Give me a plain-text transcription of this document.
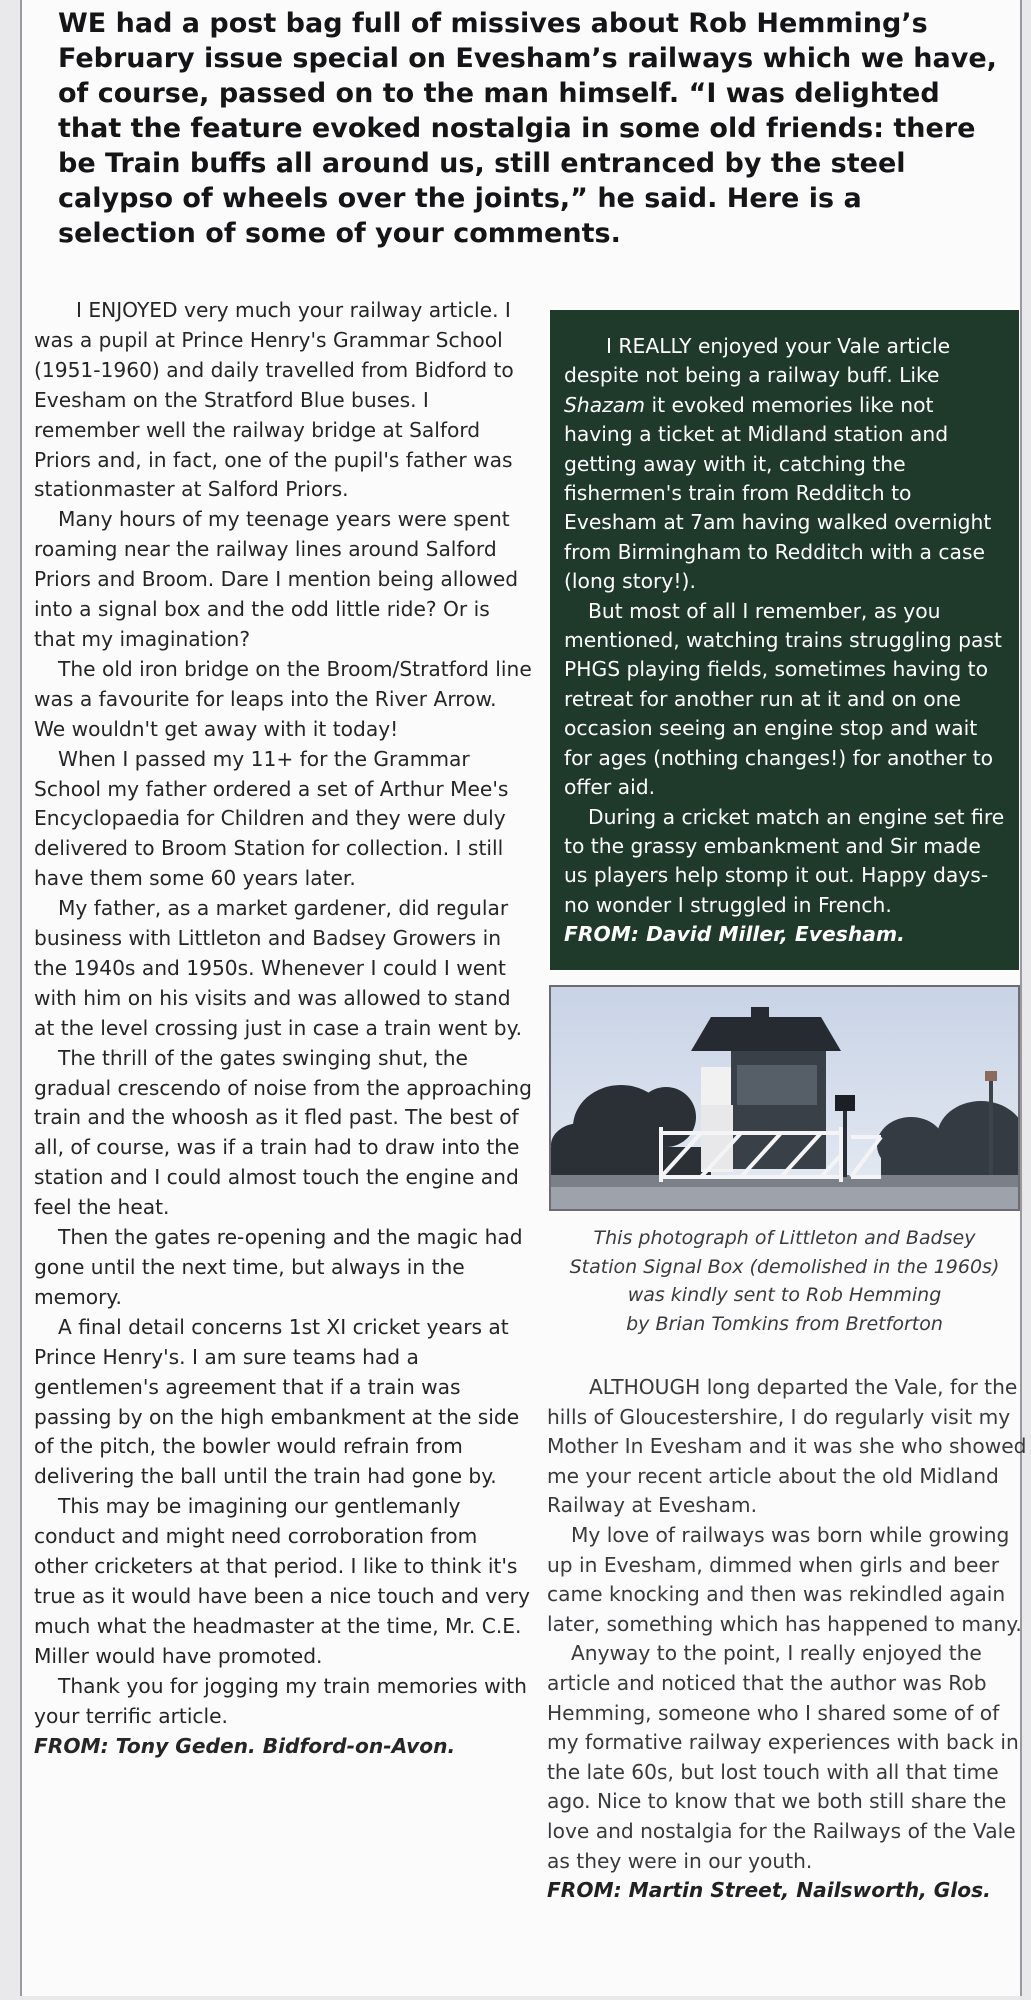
WE had a post bag full of missives about Rob Hemming’s February issue special on Evesham’s railways which we have, of course, passed on to the man himself. “I was delighted that the feature evoked nostalgia in some old friends: there be Train buffs all around us, still entranced by the steel calypso of wheels over the joints,” he said. Here is a selection of some of your comments.

I ENJOYED very much your railway article. I was a pupil at Prince Henry's Grammar School (1951-1960) and daily travelled from Bidford to Evesham on the Stratford Blue buses. I remember well the railway bridge at Salford Priors and, in fact, one of the pupil's father was stationmaster at Salford Priors.

Many hours of my teenage years were spent roaming near the railway lines around Salford Priors and Broom. Dare I mention being allowed into a signal box and the odd little ride? Or is that my imagination?

The old iron bridge on the Broom/Stratford line was a favourite for leaps into the River Arrow. We wouldn't get away with it today!

When I passed my 11+ for the Grammar School my father ordered a set of Arthur Mee's Encyclopaedia for Children and they were duly delivered to Broom Station for collection. I still have them some 60 years later.

My father, as a market gardener, did regular business with Littleton and Badsey Growers in the 1940s and 1950s. Whenever I could I went with him on his visits and was allowed to stand at the level crossing just in case a train went by.

The thrill of the gates swinging shut, the gradual crescendo of noise from the approaching train and the whoosh as it fled past. The best of all, of course, was if a train had to draw into the station and I could almost touch the engine and feel the heat.

Then the gates re-opening and the magic had gone until the next time, but always in the memory.

A final detail concerns 1st XI cricket years at Prince Henry's. I am sure teams had a gentlemen's agreement that if a train was passing by on the high embankment at the side of the pitch, the bowler would refrain from delivering the ball until the train had gone by.

This may be imagining our gentlemanly conduct and might need corroboration from other cricketers at that period. I like to think it's true as it would have been a nice touch and very much what the headmaster at the time, Mr. C.E. Miller would have promoted.

Thank you for jogging my train memories with your terrific article.

FROM: Tony Geden. Bidford-on-Avon.

I REALLY enjoyed your Vale article despite not being a railway buff. Like Shazam it evoked memories like not having a ticket at Midland station and getting away with it, catching the fishermen's train from Redditch to Evesham at 7am having walked overnight from Birmingham to Redditch with a case (long story!).

But most of all I remember, as you mentioned, watching trains struggling past PHGS playing fields, sometimes having to retreat for another run at it and on one occasion seeing an engine stop and wait for ages (nothing changes!) for another to offer aid.

During a cricket match an engine set fire to the grassy embankment and Sir made us players help stomp it out. Happy days- no wonder I struggled in French.

FROM: David Miller, Evesham.

This photograph of Littleton and Badsey
Station Signal Box (demolished in the 1960s)
was kindly sent to Rob Hemming
by Brian Tomkins from Bretforton

ALTHOUGH long departed the Vale, for the hills of Gloucestershire, I do regularly visit my Mother In Evesham and it was she who showed me your recent article about the old Midland Railway at Evesham.

My love of railways was born while growing up in Evesham, dimmed when girls and beer came knocking and then was rekindled again later, something which has happened to many.

Anyway to the point, I really enjoyed the article and noticed that the author was Rob Hemming, someone who I shared some of of my formative railway experiences with back in the late 60s, but lost touch with all that time ago. Nice to know that we both still share the love and nostalgia for the Railways of the Vale as they were in our youth.

FROM: Martin Street, Nailsworth, Glos.
